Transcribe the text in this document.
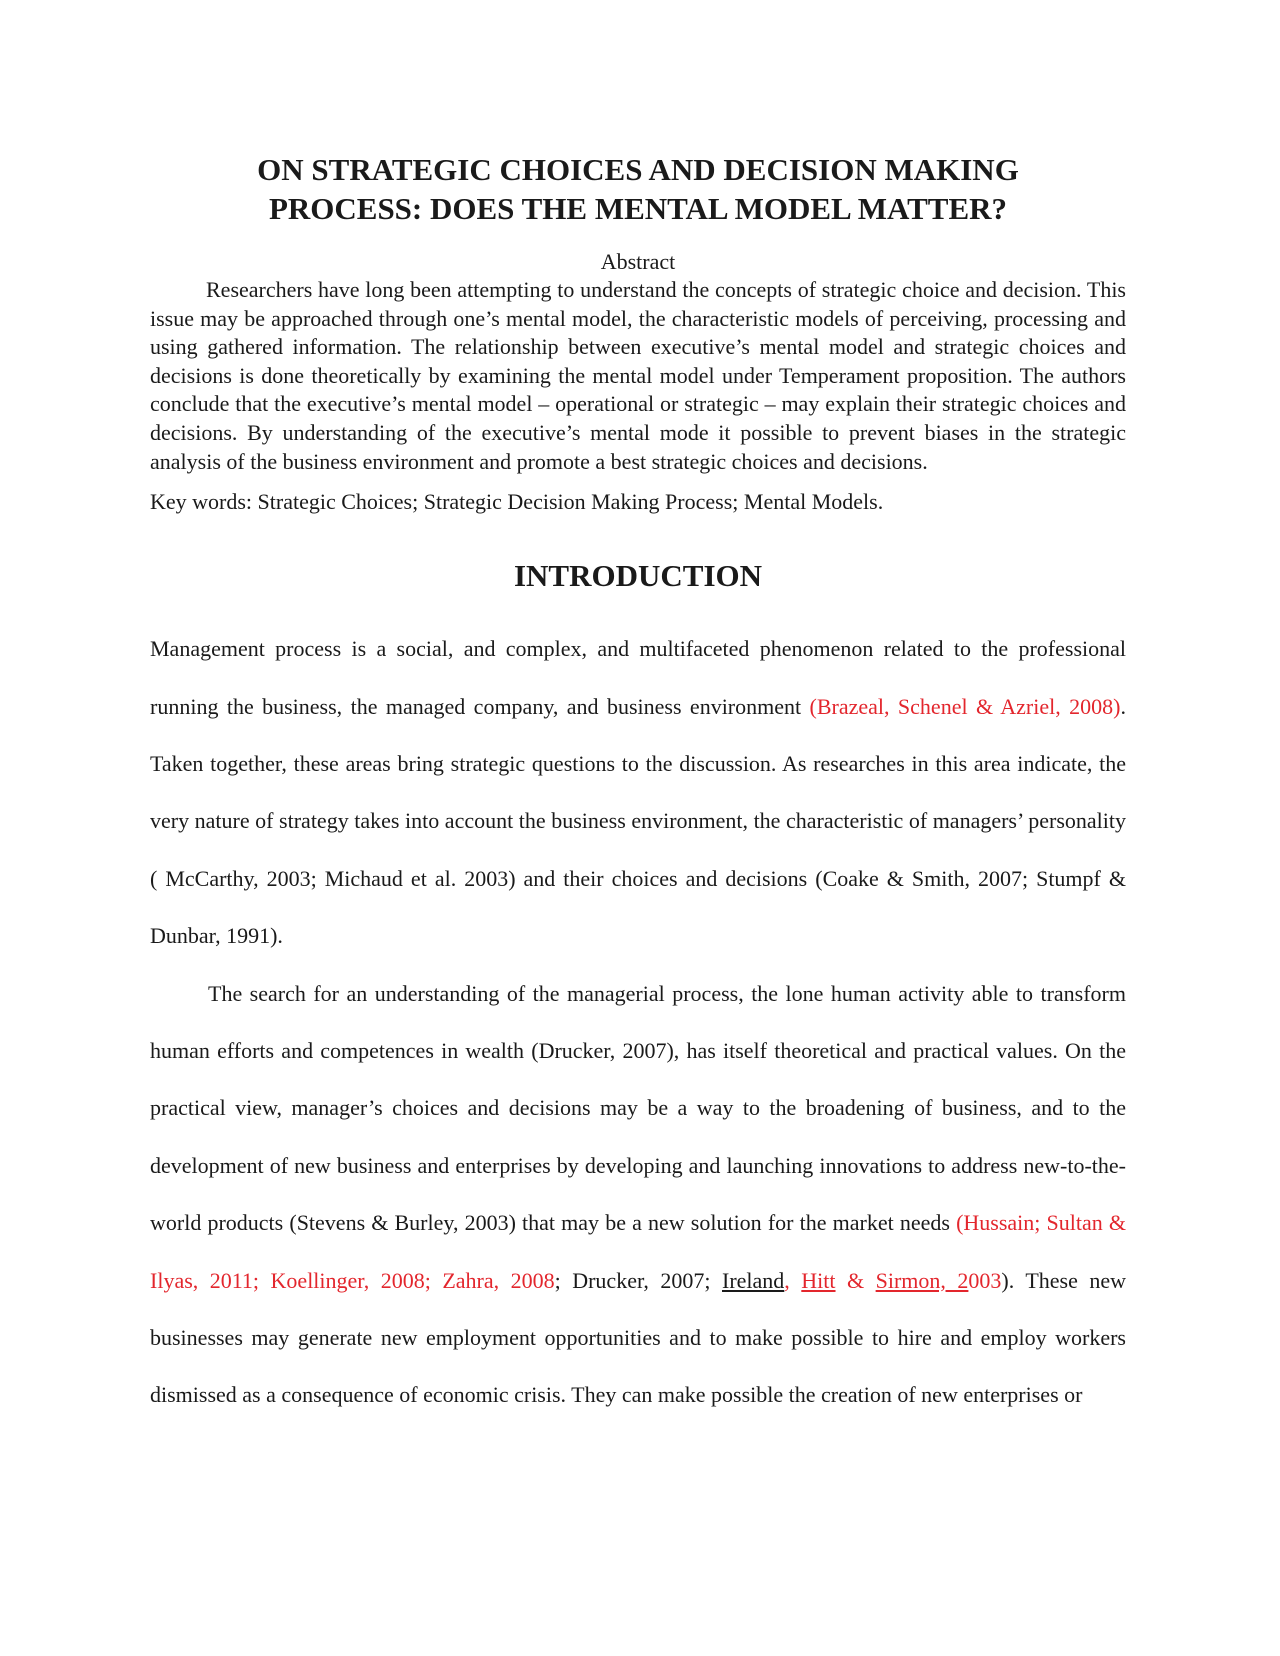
ON STRATEGIC CHOICES AND DECISION MAKING
PROCESS: DOES THE MENTAL MODEL MATTER?
Abstract

Researchers have long been attempting to understand the concepts of strategic choice and decision. This issue may be approached through one’s mental model, the characteristic models of perceiving, processing and using gathered information. The relationship between executive’s mental model and strategic choices and decisions is done theoretically by examining the mental model under Temperament proposition. The authors conclude that the executive’s mental model – operational or strategic – may explain their strategic choices and decisions. By understanding of the executive’s mental mode it possible to prevent biases in the strategic analysis of the business environment and promote a best strategic choices and decisions.

Key words: Strategic Choices; Strategic Decision Making Process; Mental Models.
INTRODUCTION

Management process is a social, and complex, and multifaceted phenomenon related to the professional running the business, the managed company, and business environment (Brazeal, Schenel & Azriel, 2008). Taken together, these areas bring strategic questions to the discussion. As researches in this area indicate, the very nature of strategy takes into account the business environment, the characteristic of managers’ personality ( McCarthy, 2003; Michaud et al. 2003) and their choices and decisions (Coake & Smith, 2007; Stumpf & Dunbar, 1991).

The search for an understanding of the managerial process, the lone human activity able to transform human efforts and competences in wealth (Drucker, 2007), has itself theoretical and practical values. On the practical view, manager’s choices and decisions may be a way to the broadening of business, and to the development of new business and enterprises by developing and launching innovations to address new-to-the-world products (Stevens & Burley, 2003) that may be a new solution for the market needs (Hussain; Sultan & Ilyas, 2011; Koellinger, 2008; Zahra, 2008; Drucker, 2007; Ireland, Hitt & Sirmon, 2003). These new businesses may generate new employment opportunities and to make possible to hire and employ workers dismissed as a consequence of economic crisis. They can make possible the creation of new enterprises or
